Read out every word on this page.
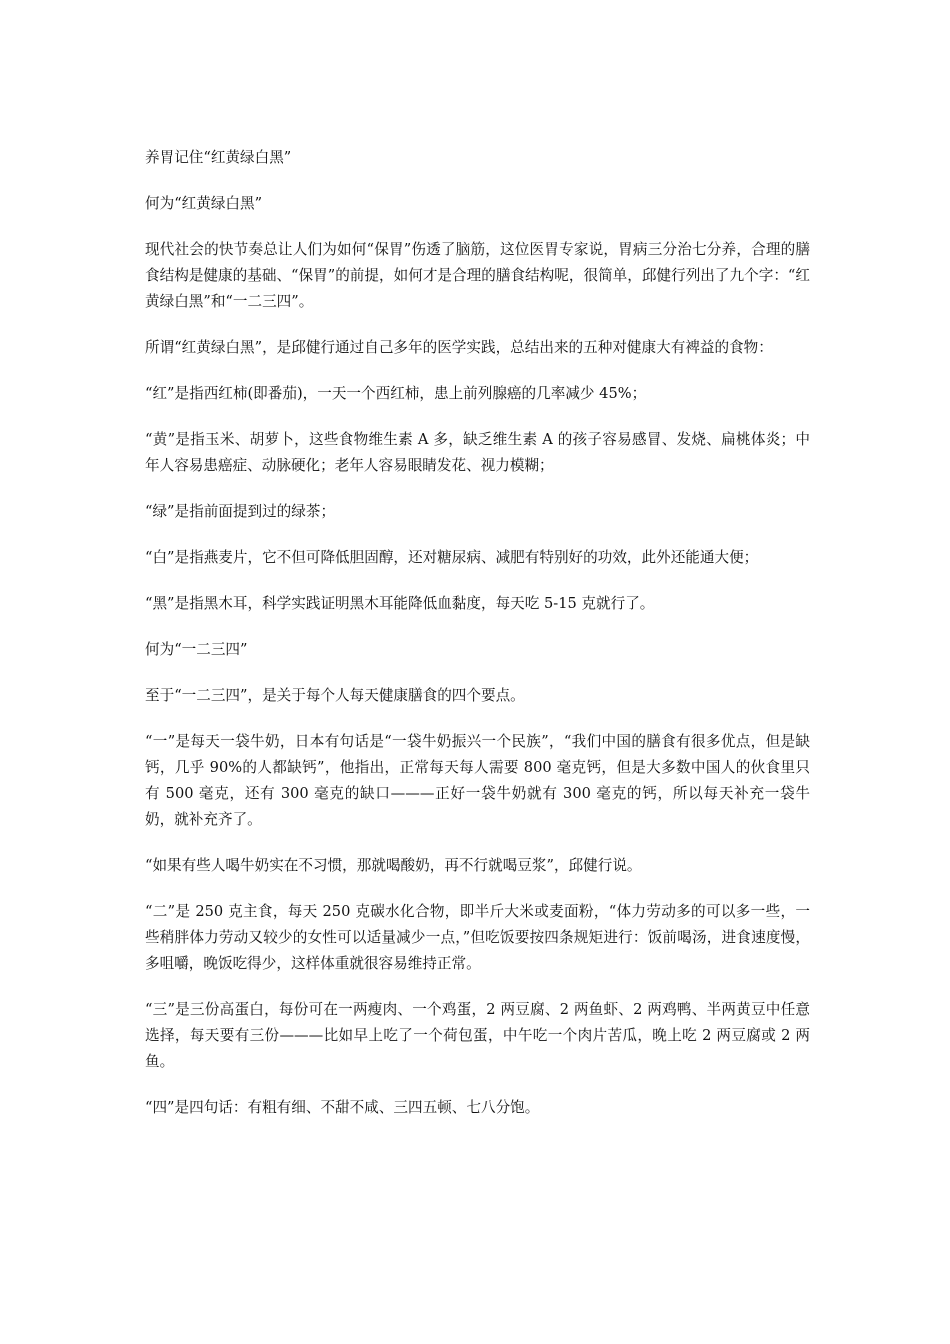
养胃记住“红黄绿白黑”

何为“红黄绿白黑”

现代社会的快节奏总让人们为如何“保胃”伤透了脑筋，这位医胃专家说，胃病三分治七分养，合理的膳食结构是健康的基础、“保胃”的前提，如何才是合理的膳食结构呢，很简单，邱健行列出了九个字：“红黄绿白黑”和“一二三四”。

所谓“红黄绿白黑”，是邱健行通过自己多年的医学实践，总结出来的五种对健康大有裨益的食物：

“红”是指西红柿(即番茄)，一天一个西红柿，患上前列腺癌的几率减少 45%；

“黄”是指玉米、胡萝卜，这些食物维生素 A 多，缺乏维生素 A 的孩子容易感冒、发烧、扁桃体炎；中年人容易患癌症、动脉硬化；老年人容易眼睛发花、视力模糊；

“绿”是指前面提到过的绿茶；

“白”是指燕麦片，它不但可降低胆固醇，还对糖尿病、减肥有特别好的功效，此外还能通大便；

“黑”是指黑木耳，科学实践证明黑木耳能降低血黏度，每天吃 5-15 克就行了。

何为“一二三四”

至于“一二三四”，是关于每个人每天健康膳食的四个要点。

“一”是每天一袋牛奶，日本有句话是“一袋牛奶振兴一个民族”，“我们中国的膳食有很多优点，但是缺钙，几乎 90%的人都缺钙”，他指出，正常每天每人需要 800 毫克钙，但是大多数中国人的伙食里只有 500 毫克，还有 300 毫克的缺口———正好一袋牛奶就有 300 毫克的钙，所以每天补充一袋牛奶，就补充齐了。

“如果有些人喝牛奶实在不习惯，那就喝酸奶，再不行就喝豆浆”，邱健行说。

“二”是 250 克主食，每天 250 克碳水化合物，即半斤大米或麦面粉，“体力劳动多的可以多一些，一些稍胖体力劳动又较少的女性可以适量减少一点，”但吃饭要按四条规矩进行：饭前喝汤，进食速度慢，多咀嚼，晚饭吃得少，这样体重就很容易维持正常。

“三”是三份高蛋白，每份可在一两瘦肉、一个鸡蛋，2 两豆腐、2 两鱼虾、2 两鸡鸭、半两黄豆中任意选择，每天要有三份———比如早上吃了一个荷包蛋，中午吃一个肉片苦瓜，晚上吃 2 两豆腐或 2 两鱼。

“四”是四句话：有粗有细、不甜不咸、三四五顿、七八分饱。
